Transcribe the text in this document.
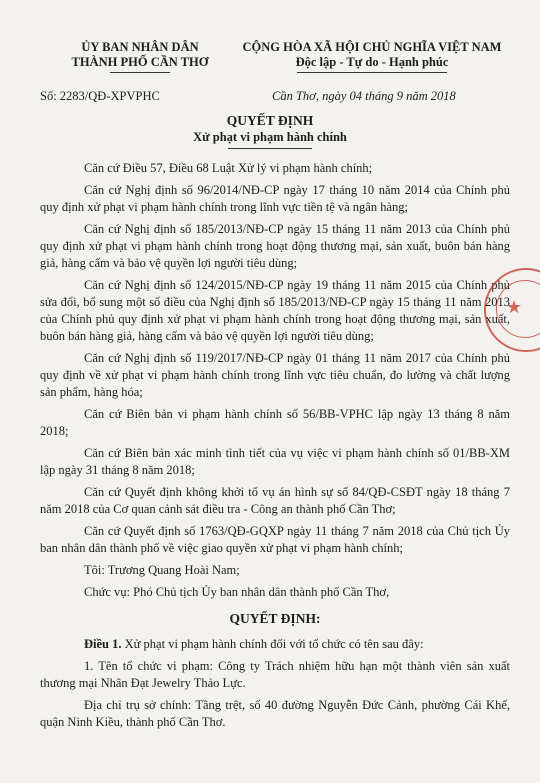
ỦY BAN NHÂN DÂN
THÀNH PHỐ CẦN THƠ
CỘNG HÒA XÃ HỘI CHỦ NGHĨA VIỆT NAM
Độc lập - Tự do - Hạnh phúc
Số: 2283/QĐ-XPVPHC	Cần Thơ, ngày 04 tháng 9 năm 2018
QUYẾT ĐỊNH
Xử phạt vi phạm hành chính

Căn cứ Điều 57, Điều 68 Luật Xử lý vi phạm hành chính;

Căn cứ Nghị định số 96/2014/NĐ-CP ngày 17 tháng 10 năm 2014 của Chính phủ quy định xử phạt vi phạm hành chính trong lĩnh vực tiền tệ và ngân hàng;

Căn cứ Nghị định số 185/2013/NĐ-CP ngày 15 tháng 11 năm 2013 của Chính phủ quy định xử phạt vi phạm hành chính trong hoạt động thương mại, sản xuất, buôn bán hàng giả, hàng cấm và bảo vệ quyền lợi người tiêu dùng;

Căn cứ Nghị định số 124/2015/NĐ-CP ngày 19 tháng 11 năm 2015 của Chính phủ sửa đổi, bổ sung một số điều của Nghị định số 185/2013/NĐ-CP ngày 15 tháng 11 năm 2013 của Chính phủ quy định xử phạt vi phạm hành chính trong hoạt động thương mại, sản xuất, buôn bán hàng giả, hàng cấm và bảo vệ quyền lợi người tiêu dùng;

Căn cứ Nghị định số 119/2017/NĐ-CP ngày 01 tháng 11 năm 2017 của Chính phủ quy định về xử phạt vi phạm hành chính trong lĩnh vực tiêu chuẩn, đo lường và chất lượng sản phẩm, hàng hóa;

Căn cứ Biên bản vi phạm hành chính số 56/BB-VPHC lập ngày 13 tháng 8 năm 2018;

Căn cứ Biên bản xác minh tình tiết của vụ việc vi phạm hành chính số 01/BB-XM lập ngày 31 tháng 8 năm 2018;

Căn cứ Quyết định không khởi tố vụ án hình sự số 84/QĐ-CSĐT ngày 18 tháng 7 năm 2018 của Cơ quan cảnh sát điều tra - Công an thành phố Cần Thơ;

Căn cứ Quyết định số 1763/QĐ-GQXP ngày 11 tháng 7 năm 2018 của Chủ tịch Ủy ban nhân dân thành phố về việc giao quyền xử phạt vi phạm hành chính;

Tôi: Trương Quang Hoài Nam;

Chức vụ: Phó Chủ tịch Ủy ban nhân dân thành phố Cần Thơ,

QUYẾT ĐỊNH:

Điều 1. Xử phạt vi phạm hành chính đối với tổ chức có tên sau đây:

1. Tên tổ chức vi phạm: Công ty Trách nhiệm hữu hạn một thành viên sản xuất thương mại Nhân Đạt Jewelry Thảo Lực.

Địa chỉ trụ sở chính: Tầng trệt, số 40 đường Nguyễn Đức Cảnh, phường Cái Khế, quận Ninh Kiều, thành phố Cần Thơ.

★
